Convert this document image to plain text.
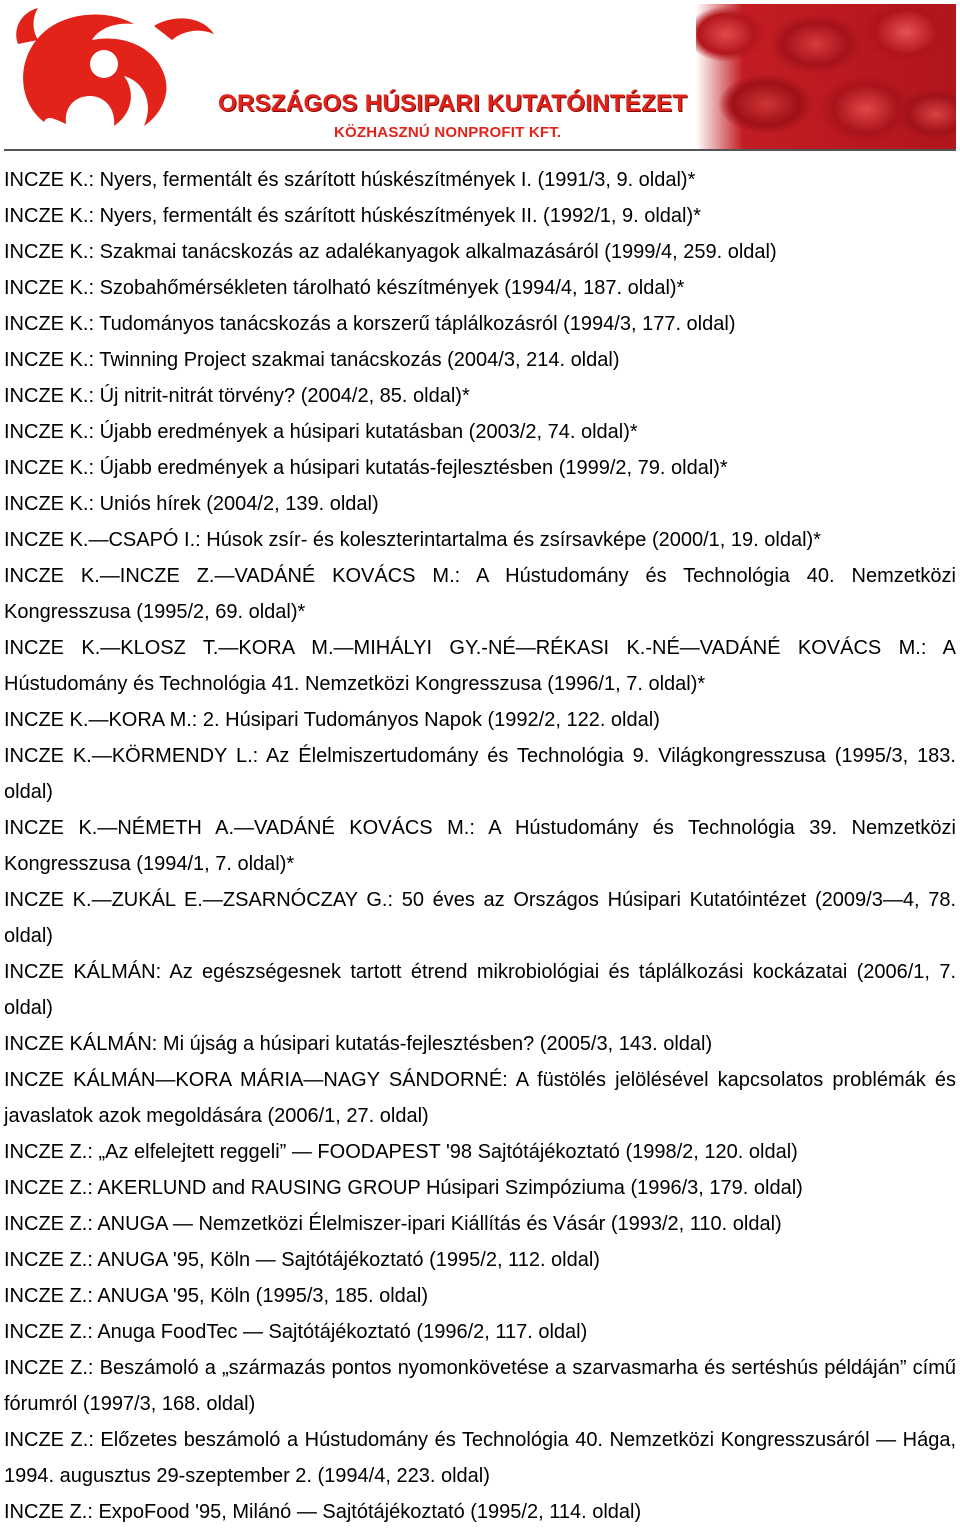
ORSZÁGOS HÚSIPARI KUTATÓINTÉZET
KÖZHASZNÚ NONPROFIT KFT.

INCZE K.: Nyers, fermentált és szárított húskészítmények I. (1991/3, 9. oldal)*

INCZE K.: Nyers, fermentált és szárított húskészítmények II. (1992/1, 9. oldal)*

INCZE K.: Szakmai tanácskozás az adalékanyagok alkalmazásáról (1999/4, 259. oldal)

INCZE K.: Szobahőmérsékleten tárolható készítmények (1994/4, 187. oldal)*

INCZE K.: Tudományos tanácskozás a korszerű táplálkozásról (1994/3, 177. oldal)

INCZE K.: Twinning Project szakmai tanácskozás (2004/3, 214. oldal)

INCZE K.: Új nitrit-nitrát törvény? (2004/2, 85. oldal)*

INCZE K.: Újabb eredmények a húsipari kutatásban (2003/2, 74. oldal)*

INCZE K.: Újabb eredmények a húsipari kutatás-fejlesztésben (1999/2, 79. oldal)*

INCZE K.: Uniós hírek (2004/2, 139. oldal)

INCZE K.—CSAPÓ I.: Húsok zsír- és koleszterintartalma és zsírsavképe (2000/1, 19. oldal)*

INCZE K.—INCZE Z.—VADÁNÉ KOVÁCS M.: A Hústudomány és Technológia 40. Nemzetközi Kongresszusa (1995/2, 69. oldal)*

INCZE K.—KLOSZ T.—KORA M.—MIHÁLYI GY.-NÉ—RÉKASI K.-NÉ—VADÁNÉ KOVÁCS M.: A Hústudomány és Technológia 41. Nemzetközi Kongresszusa (1996/1, 7. oldal)*

INCZE K.—KORA M.: 2. Húsipari Tudományos Napok (1992/2, 122. oldal)

INCZE K.—KÖRMENDY L.: Az Élelmiszertudomány és Technológia 9. Világkongresszusa (1995/3, 183. oldal)

INCZE K.—NÉMETH A.—VADÁNÉ KOVÁCS M.: A Hústudomány és Technológia 39. Nemzetközi Kongresszusa (1994/1, 7. oldal)*

INCZE K.—ZUKÁL E.—ZSARNÓCZAY G.: 50 éves az Országos Húsipari Kutatóintézet (2009/3—4, 78. oldal)

INCZE KÁLMÁN: Az egészségesnek tartott étrend mikrobiológiai és táplálkozási kockázatai (2006/1, 7. oldal)

INCZE KÁLMÁN: Mi újság a húsipari kutatás-fejlesztésben? (2005/3, 143. oldal)

INCZE KÁLMÁN—KORA MÁRIA—NAGY SÁNDORNÉ: A füstölés jelölésével kapcsolatos problémák és javaslatok azok megoldására (2006/1, 27. oldal)

INCZE Z.: „Az elfelejtett reggeli” — FOODAPEST '98 Sajtótájékoztató (1998/2, 120. oldal)

INCZE Z.: AKERLUND and RAUSING GROUP Húsipari Szimpóziuma (1996/3, 179. oldal)

INCZE Z.: ANUGA — Nemzetközi Élelmiszer-ipari Kiállítás és Vásár (1993/2, 110. oldal)

INCZE Z.: ANUGA '95, Köln — Sajtótájékoztató (1995/2, 112. oldal)

INCZE Z.: ANUGA '95, Köln (1995/3, 185. oldal)

INCZE Z.: Anuga FoodTec — Sajtótájékoztató (1996/2, 117. oldal)

INCZE Z.: Beszámoló a „származás pontos nyomonkövetése a szarvasmarha és sertéshús példáján” című fórumról (1997/3, 168. oldal)

INCZE Z.: Előzetes beszámoló a Hústudomány és Technológia 40. Nemzetközi Kongresszusáról — Hága, 1994. augusztus 29-szeptember 2. (1994/4, 223. oldal)

INCZE Z.: ExpoFood '95, Milánó — Sajtótájékoztató (1995/2, 114. oldal)
